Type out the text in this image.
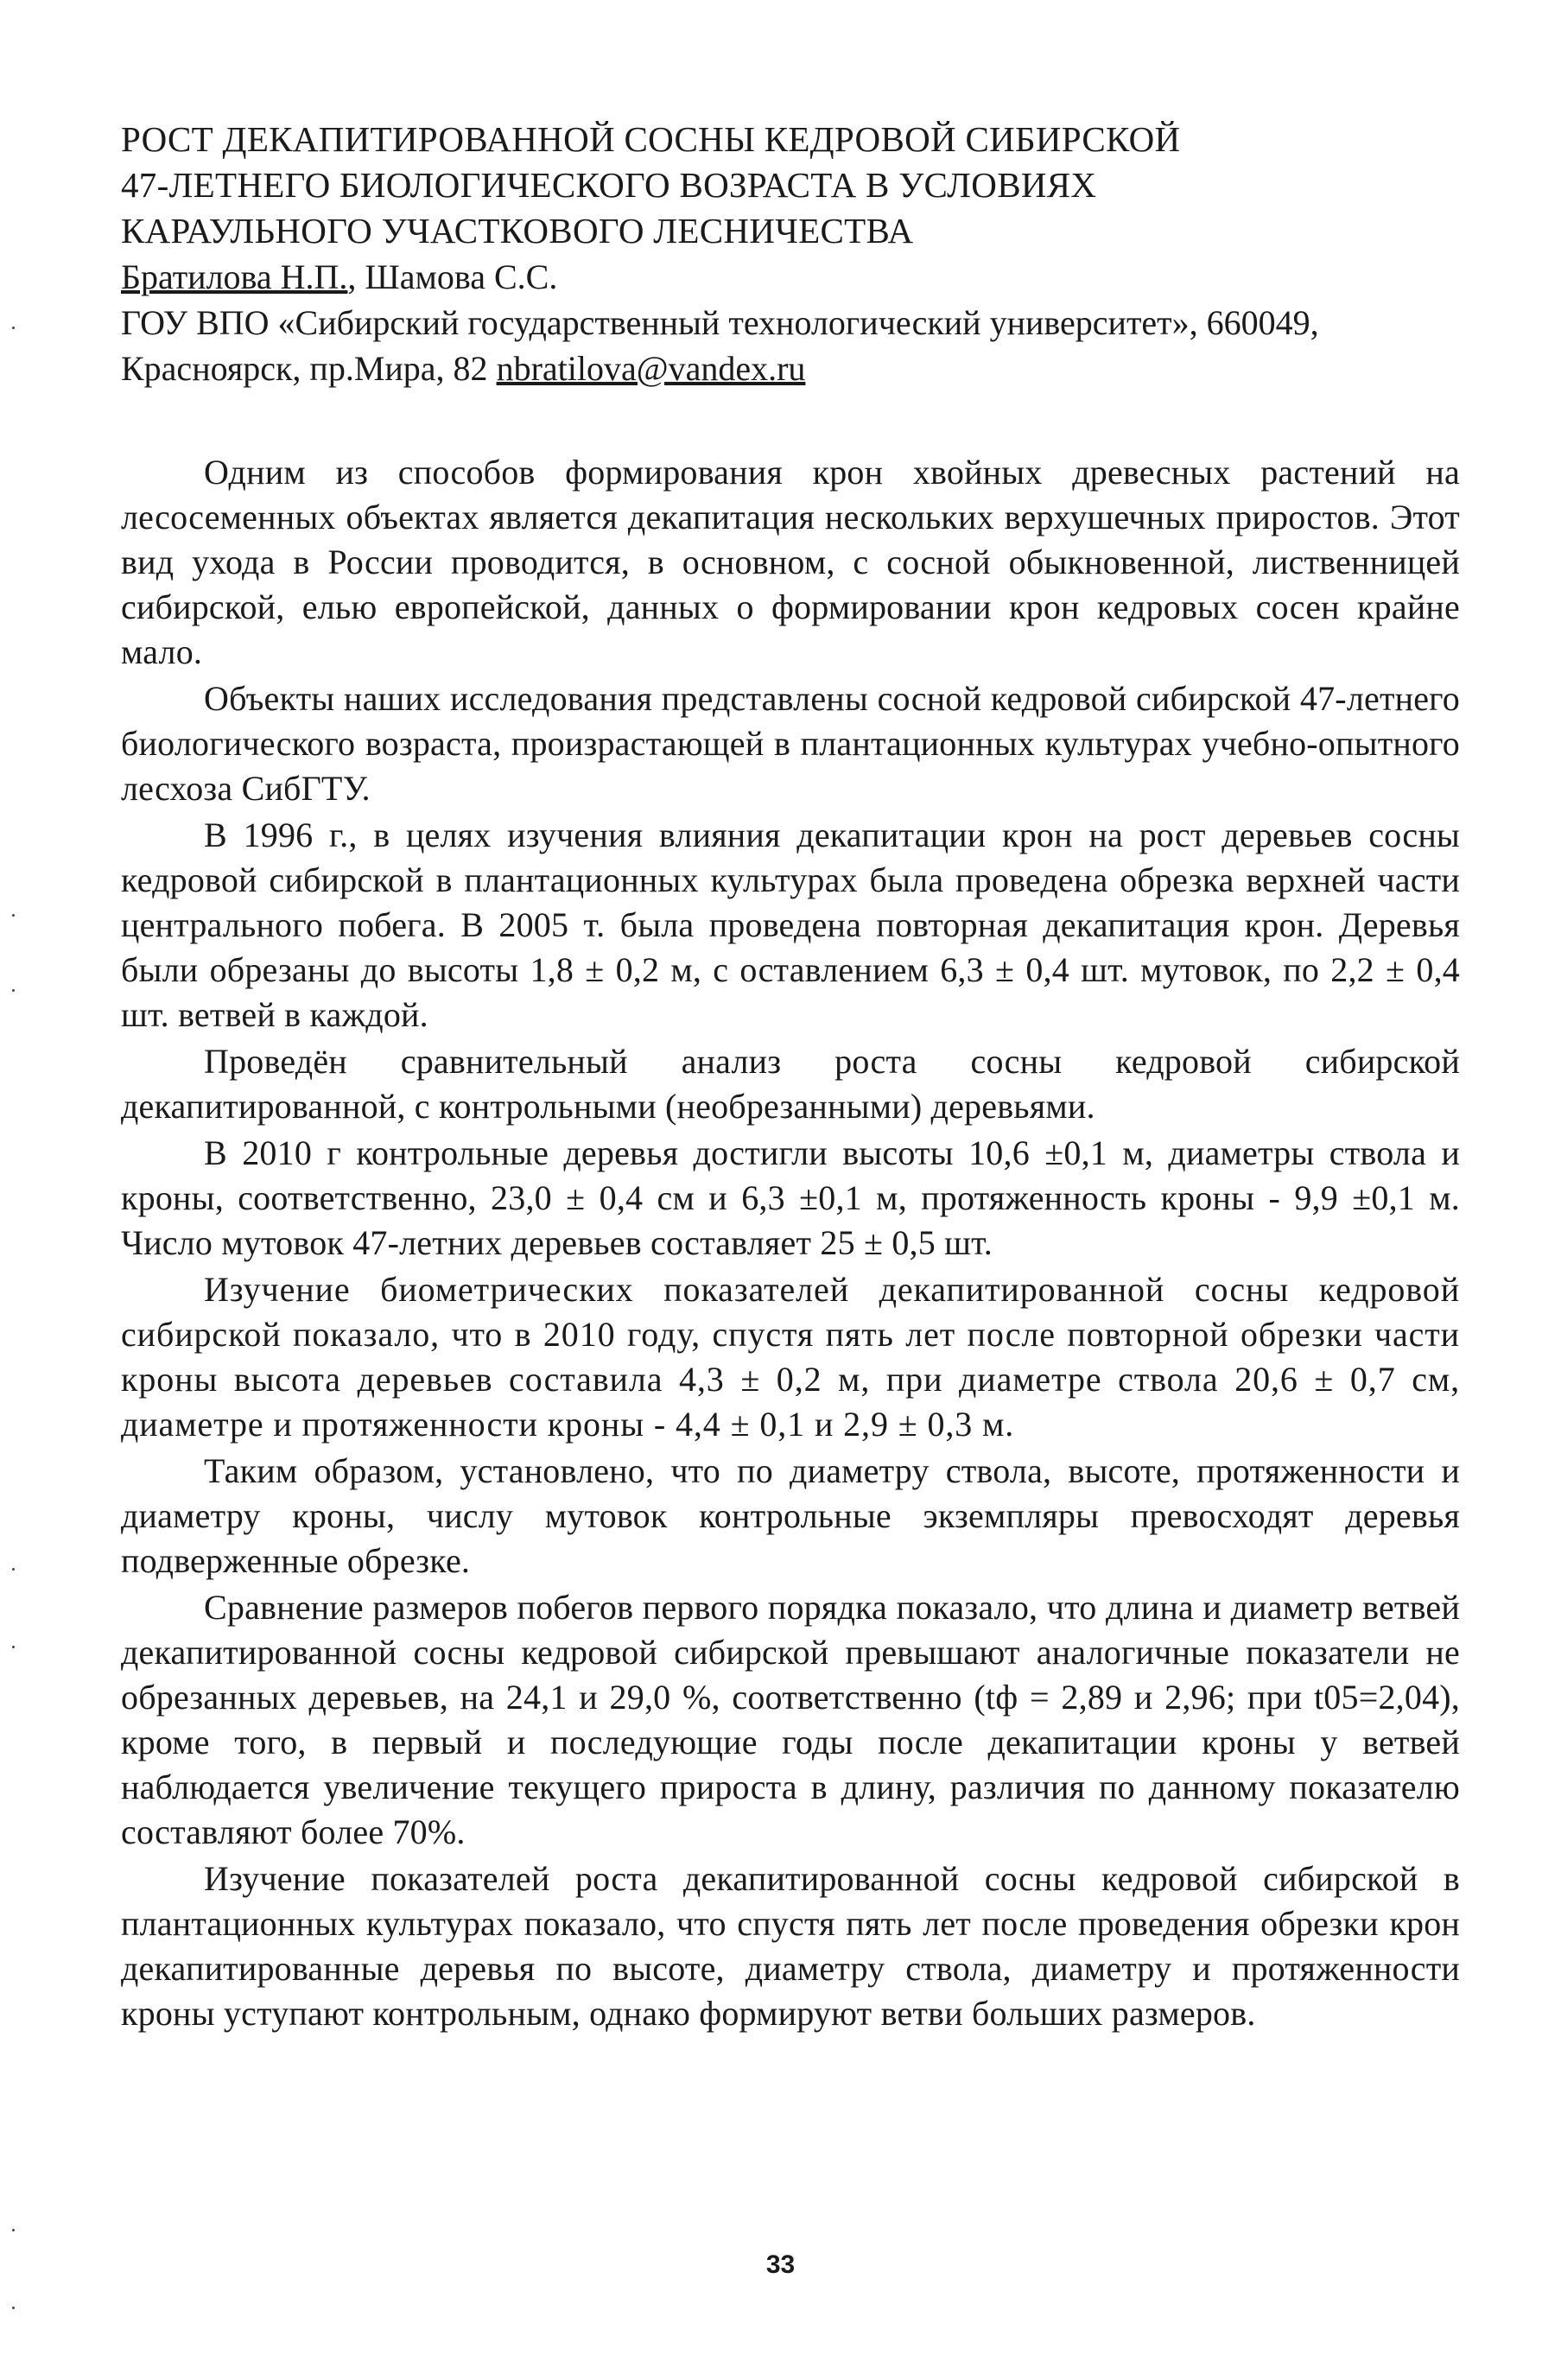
РОСТ ДЕКАПИТИРОВАННОЙ СОСНЫ КЕДРОВОЙ СИБИРСКОЙ

47-ЛЕТНЕГО БИОЛОГИЧЕСКОГО ВОЗРАСТА В УСЛОВИЯХ

КАРАУЛЬНОГО УЧАСТКОВОГО ЛЕСНИЧЕСТВА

Братилова Н.П., Шамова С.С.

ГОУ ВПО «Сибирский государственный технологический университет», 660049,

Красноярск, пр.Мира, 82 nbratilova@vandex.ru

Одним из способов формирования крон хвойных древесных растений на лесосеменных объектах является декапитация нескольких верхушечных приростов. Этот вид ухода в России проводится, в основном, с сосной обыкновенной, лиственницей сибирской, елью европейской, данных о формировании крон кедровых сосен крайне мало.

Объекты наших исследования представлены сосной кедровой сибирской 47-летнего биологического возраста, произрастающей в плантационных культурах учебно-опытного лесхоза СибГТУ.

В 1996 г., в целях изучения влияния декапитации крон на рост деревьев сосны кедровой сибирской в плантационных культурах была проведена обрезка верхней части центрального побега. В 2005 т. была проведена повторная декапитация крон. Деревья были обрезаны до высоты 1,8 ± 0,2 м, с оставлением 6,3 ± 0,4 шт. мутовок, по 2,2 ± 0,4 шт. ветвей в каждой.

Проведён сравнительный анализ роста сосны кедровой сибирской декапитированной, с контрольными (необрезанными) деревьями.

В 2010 г контрольные деревья достигли высоты 10,6 ±0,1 м, диаметры ствола и кроны, соответственно, 23,0 ± 0,4 см и 6,3 ±0,1 м, протяженность кроны - 9,9 ±0,1 м. Число мутовок 47-летних деревьев составляет 25 ± 0,5 шт.

Изучение биометрических показателей декапитированной сосны кедровой сибирской показало, что в 2010 году, спустя пять лет после повторной обрезки части кроны высота деревьев составила 4,3 ± 0,2 м, при диаметре ствола 20,6 ± 0,7 см, диаметре и протяженности кроны - 4,4 ± 0,1 и 2,9 ± 0,3 м.

Таким образом, установлено, что по диаметру ствола, высоте, протяженности и диаметру кроны, числу мутовок контрольные экземпляры превосходят деревья подверженные обрезке.

Сравнение размеров побегов первого порядка показало, что длина и диаметр ветвей декапитированной сосны кедровой сибирской превышают аналогичные показатели не обрезанных деревьев, на 24,1 и 29,0 %, соответственно (tф = 2,89 и 2,96; при t05=2,04), кроме того, в первый и последующие годы после декапитации кроны у ветвей наблюдается увеличение текущего прироста в длину, различия по данному показателю составляют более 70%.

Изучение показателей роста декапитированной сосны кедровой сибирской в плантационных культурах показало, что спустя пять лет после проведения обрезки крон декапитированные деревья по высоте, диаметру ствола, диаметру и протяженности кроны уступают контрольным, однако формируют ветви больших размеров.

33
